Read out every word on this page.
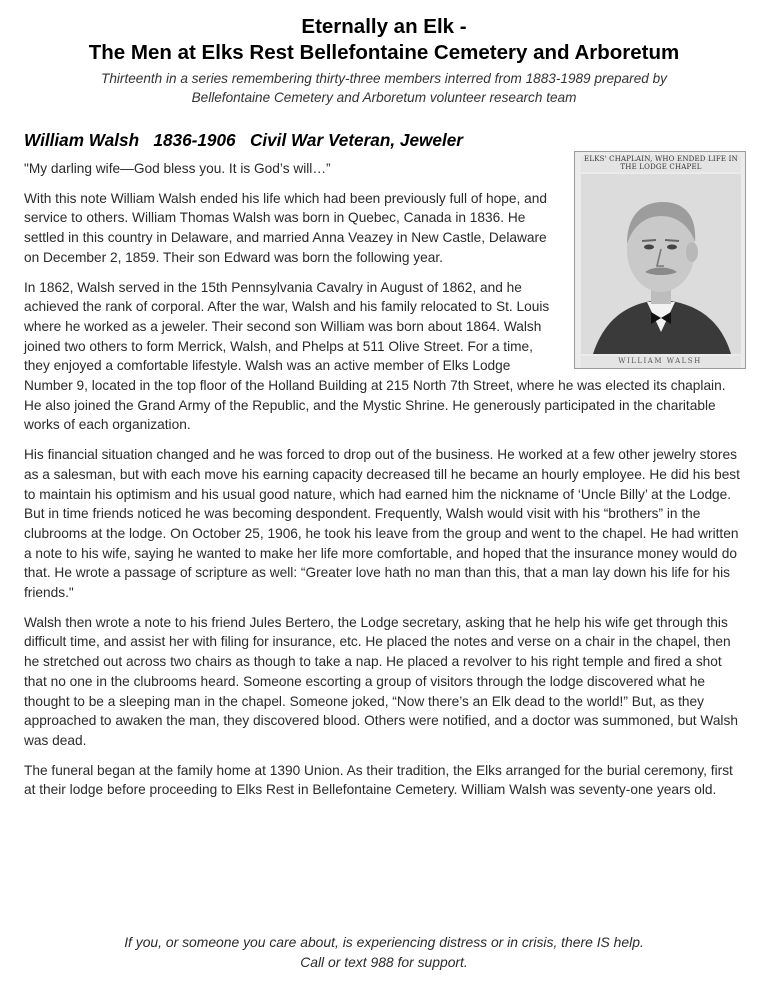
Eternally an Elk -
The Men at Elks Rest Bellefontaine Cemetery and Arboretum
Thirteenth in a series remembering thirty-three members interred from 1883-1989 prepared by
Bellefontaine Cemetery and Arboretum volunteer research team
William Walsh   1836-1906   Civil War Veteran, Jeweler
ELKS' CHAPLAIN, WHO ENDED LIFE IN THE LODGE CHAPEL
WILLIAM WALSH

"My darling wife—God bless you. It is God’s will…”

With this note William Walsh ended his life which had been previously full of hope, and service to others. William Thomas Walsh was born in Quebec, Canada in 1836. He settled in this country in Delaware, and married Anna Veazey in New Castle, Delaware on December 2, 1859. Their son Edward was born the following year.

In 1862, Walsh served in the 15th Pennsylvania Cavalry in August of 1862, and he achieved the rank of corporal. After the war, Walsh and his family relocated to St. Louis where he worked as a jeweler. Their second son William was born about 1864. Walsh joined two others to form Merrick, Walsh, and Phelps at 511 Olive Street. For a time, they enjoyed a comfortable lifestyle. Walsh was an active member of Elks Lodge Number 9, located in the top floor of the Holland Building at 215 North 7th Street, where he was elected its chaplain. He also joined the Grand Army of the Republic, and the Mystic Shrine. He generously participated in the charitable works of each organization.

His financial situation changed and he was forced to drop out of the business. He worked at a few other jewelry stores as a salesman, but with each move his earning capacity decreased till he became an hourly employee. He did his best to maintain his optimism and his usual good nature, which had earned him the nickname of ‘Uncle Billy’ at the Lodge. But in time friends noticed he was becoming despondent. Frequently, Walsh would visit with his “brothers” in the clubrooms at the lodge. On October 25, 1906, he took his leave from the group and went to the chapel. He had written a note to his wife, saying he wanted to make her life more comfortable, and hoped that the insurance money would do that. He wrote a passage of scripture as well: “Greater love hath no man than this, that a man lay down his life for his friends."

Walsh then wrote a note to his friend Jules Bertero, the Lodge secretary, asking that he help his wife get through this difficult time, and assist her with filing for insurance, etc. He placed the notes and verse on a chair in the chapel, then he stretched out across two chairs as though to take a nap. He placed a revolver to his right temple and fired a shot that no one in the clubrooms heard. Someone escorting a group of visitors through the lodge discovered what he thought to be a sleeping man in the chapel. Someone joked, “Now there’s an Elk dead to the world!” But, as they approached to awaken the man, they discovered blood. Others were notified, and a doctor was summoned, but Walsh was dead.

The funeral began at the family home at 1390 Union. As their tradition, the Elks arranged for the burial ceremony, first at their lodge before proceeding to Elks Rest in Bellefontaine Cemetery. William Walsh was seventy-one years old.

If you, or someone you care about, is experiencing distress or in crisis, there IS help.
Call or text 988 for support.
